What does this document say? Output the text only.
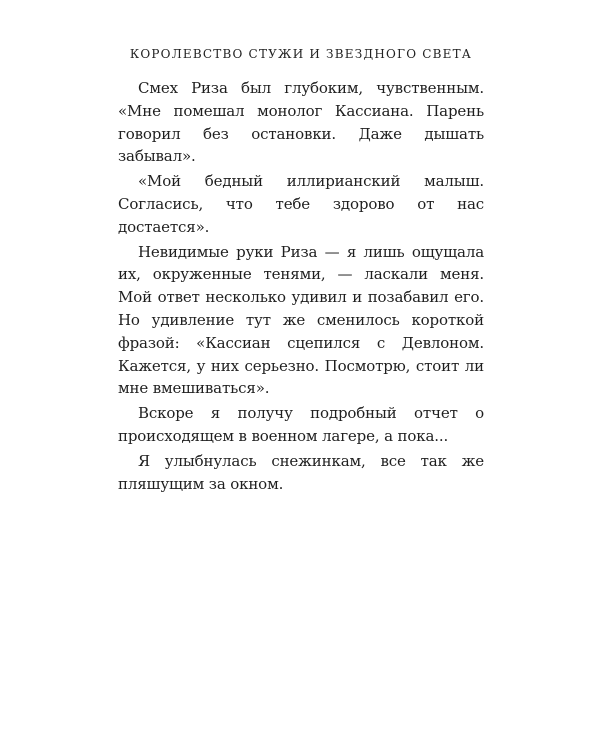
КОРОЛЕВСТВО СТУЖИ И ЗВЕЗДНОГО СВЕТА

Смех Риза был глубоким, чувственным. «Мне помешал монолог Кассиана. Парень говорил без остановки. Даже дышать забывал».

«Мой бедный иллирианский малыш. Согласись, что тебе здорово от нас достается».

Невидимые руки Риза — я лишь ощущала их, окруженные тенями, — ласкали меня. Мой ответ несколько удивил и позабавил его. Но удивление тут же сменилось короткой фразой: «Кассиан сцепился с Девлоном. Кажется, у них серьезно. Посмотрю, стоит ли мне вмешиваться».

Вскоре я получу подробный отчет о происходящем в военном лагере, а пока...

Я улыбнулась снежинкам, все так же пляшущим за окном.
